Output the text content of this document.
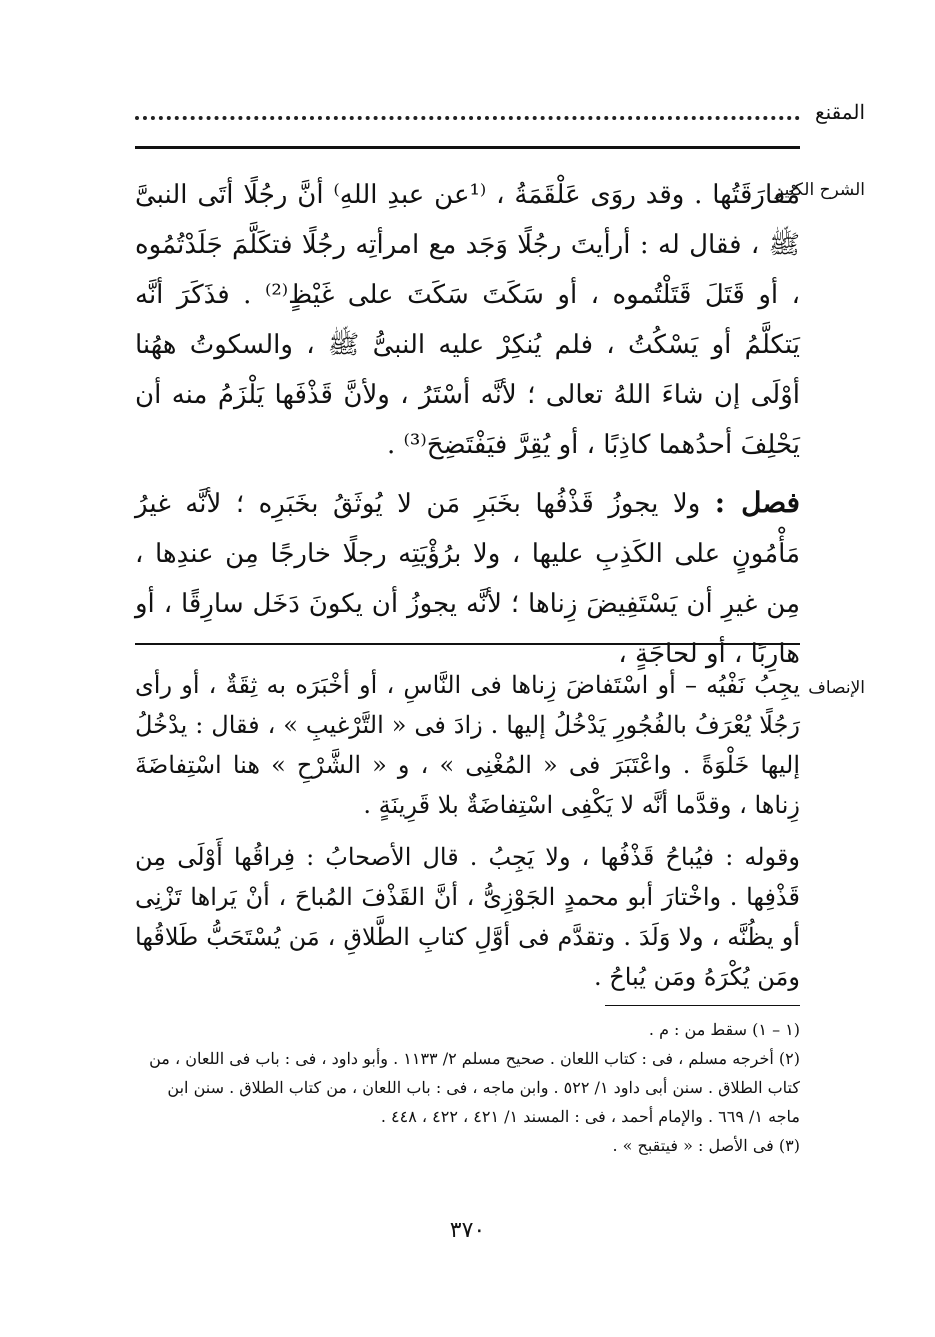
المقنع
الشرح الكبير

مُفارَقَتُها . وقد روَى عَلْقَمَةُ ، ⁽¹عن عبدِ اللهِ⁾ أنَّ رجُلًا أتَى النبىَّ ﷺ ، فقال له : أرأيتَ رجُلًا وَجَد مع امرأتِه رجُلًا فتكَلَّمَ جَلَدْتُمُوه ، أو قَتَلَ قَتَلْتُموه ، أو سَكَتَ سَكَتَ على غَيْظٍ⁽²⁾ . فذَكَرَ أنَّه يَتكلَّمُ أو يَسْكُتُ ، فلم يُنكِرْ عليه النبىُّ ﷺ ، والسكوتُ ههُنا أوْلَى إن شاءَ اللهُ تعالى ؛ لأنَّه أسْتَرُ ، ولأنَّ قَذْفَها يَلْزَمُ منه أن يَحْلِفَ أحدُهما كاذِبًا ، أو يُقِرَّ فيَفْتَضِحَ⁽³⁾ .

فصل : ولا يجوزُ قَذْفُها بخَبَرِ مَن لا يُوثَقُ بخَبَرِه ؛ لأنَّه غيرُ مَأْمُونٍ على الكَذِبِ عليها ، ولا برُؤْيَتِه رجلًا خارجًا مِن عندِها ، مِن غيرِ أن يَسْتَفِيضَ زِناها ؛ لأنَّه يجوزُ أن يكونَ دَخَل سارِقًا ، أو هارِبًا ، أو لحاجَةٍ ،

الإنصاف

يجِبُ نَفْيُه – أو اسْتَفاضَ زِناها فى النَّاسِ ، أو أخْبَرَه به ثِقَةٌ ، أو رأى رَجُلًا يُعْرَفُ بالفُجُورِ يَدْخُلُ إليها . زادَ فى « التَّرْغيبِ » ، فقال : يدْخُلُ إليها خَلْوَةً . واعْتَبَرَ فى « المُغْنِى » ، و « الشَّرْحِ » هنا اسْتِفاضَةَ زِناها ، وقدَّما أنَّه لا يَكْفِى اسْتِفاضَةٌ بلا قَرِينَةٍ .

وقوله : فيُباحُ قَذْفُها ، ولا يَجِبُ . قال الأصحابُ : فِراقُها أَوْلَى مِن قَذْفِها . واخْتارَ أبو محمدٍ الجَوْزِىُّ ، أنَّ القَذْفَ المُباحَ ، أنْ يَراها تَزْنِى أو يظُنَّه ، ولا وَلَدَ . وتقدَّم فى أوَّلِ كتابِ الطَّلاقِ ، مَن يُسْتَحَبُّ طَلاقُها ومَن يُكْرَهُ ومَن يُباحُ .

(١ – ١) سقط من : م .

(٢) أخرجه مسلم ، فى : كتاب اللعان . صحيح مسلم ٢/ ١١٣٣ . وأبو داود ، فى : باب فى اللعان ، من كتاب الطلاق . سنن أبى داود ١/ ٥٢٢ . وابن ماجه ، فى : باب اللعان ، من كتاب الطلاق . سنن ابن ماجه ١/ ٦٦٩ . والإمام أحمد ، فى : المسند ١/ ٤٢١ ، ٤٢٢ ، ٤٤٨ .

(٣) فى الأصل : « فيتقبح » .

٣٧٠
